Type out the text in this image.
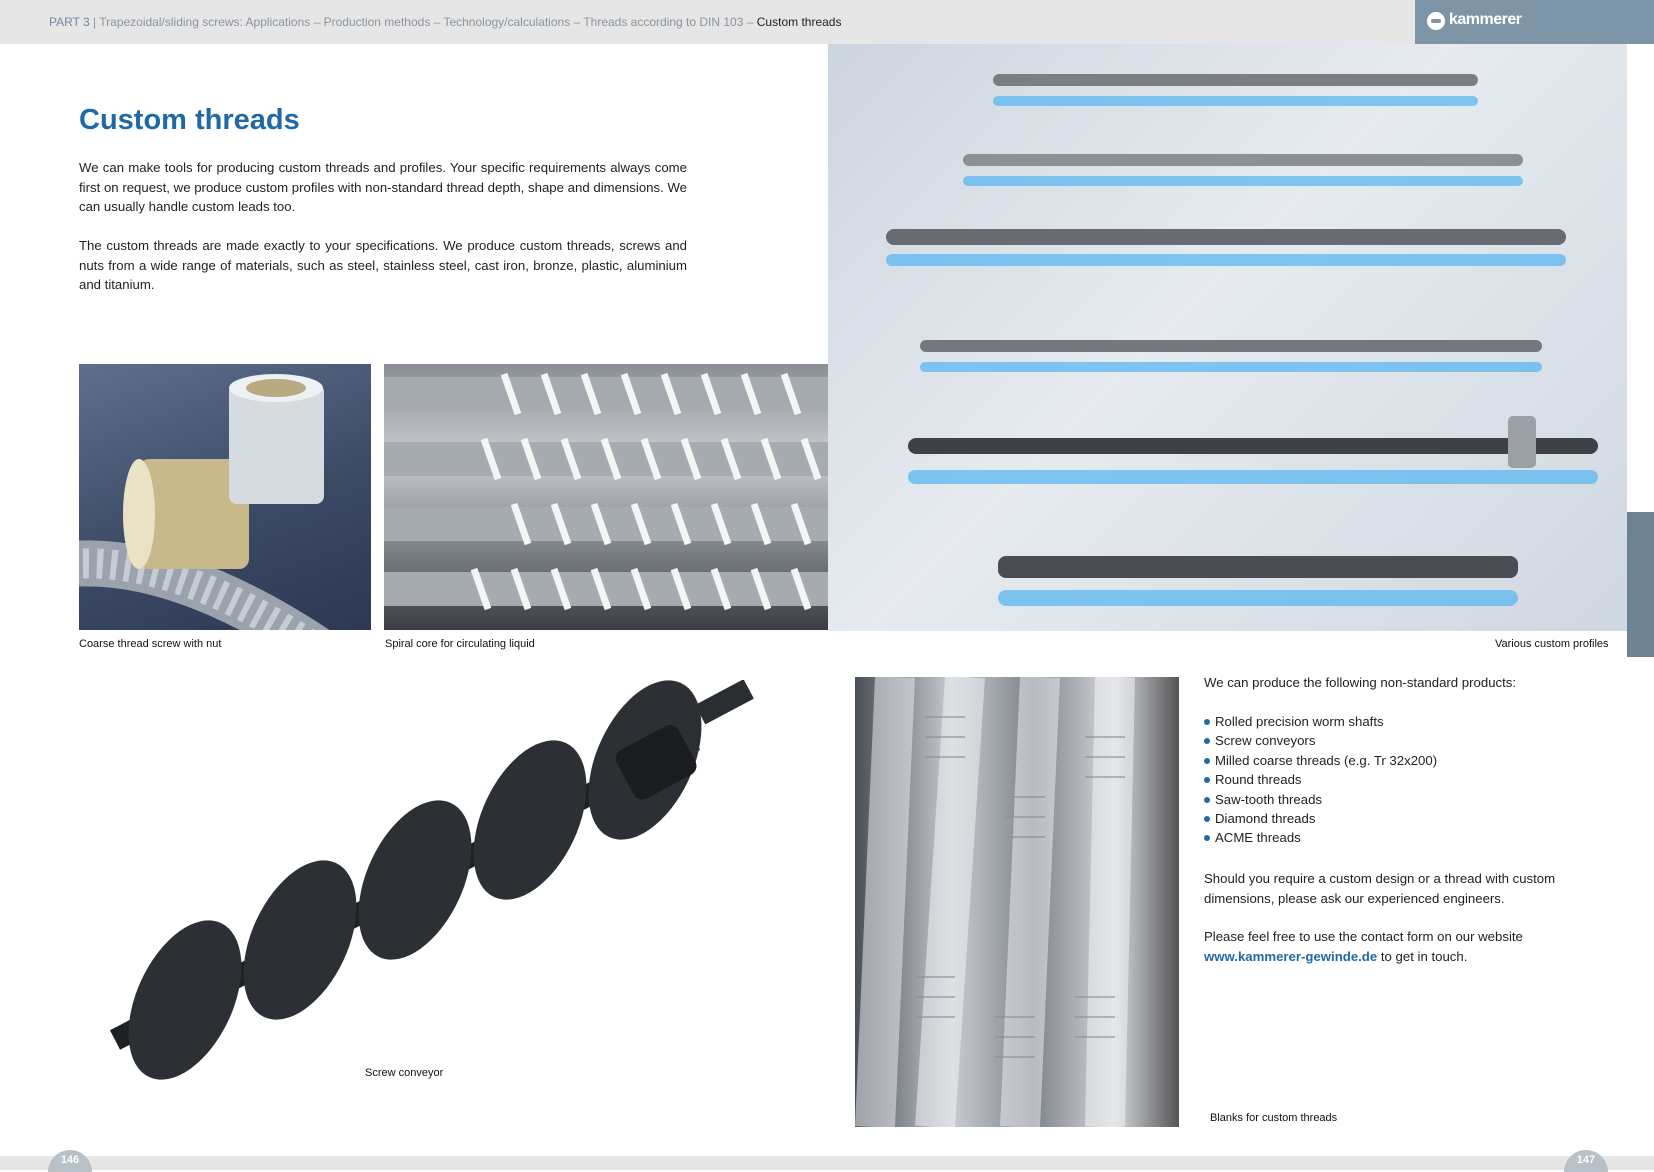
PART 3 | Trapezoidal/sliding screws: Applications – Production methods – Technology/calculations – Threads according to DIN 103 – Custom threads	kammerer
Custom threads

We can make tools for producing custom threads and profiles. Your specific requirements always come first on request, we produce custom profiles with non-standard thread depth, shape and dimensions. We can usually handle custom leads too.

The custom threads are made exactly to your specifications. We produce custom threads, screws and nuts from a wide range of materials, such as steel, stainless steel, cast iron, bronze, plastic, aluminium and titanium.

Coarse thread screw with nut	Spiral core for circulating liquid	Various custom profiles
Screw conveyor
Blanks for custom threads

We can produce the following non-standard products:

Rolled precision worm shafts
Screw conveyors
Milled coarse threads (e.g. Tr 32x200)
Round threads
Saw-tooth threads
Diamond threads
ACME threads

Should you require a custom design or a thread with custom dimensions, please ask our experienced engineers.

Please feel free to use the contact form on our website www.kammerer-gewinde.de to get in touch.

146	147
